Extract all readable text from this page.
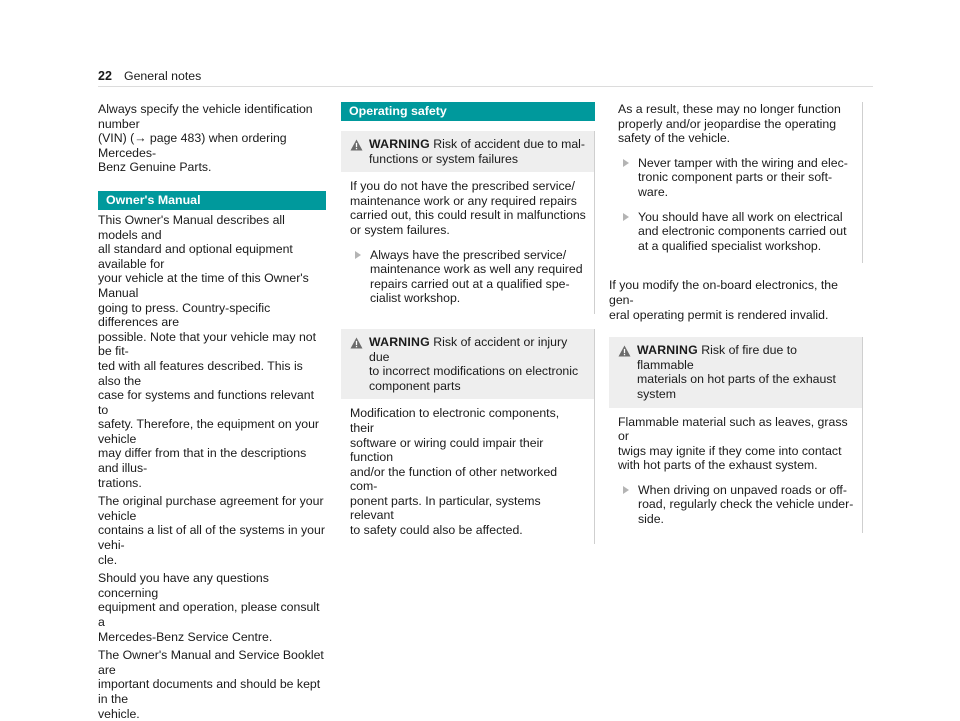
22 General notes
Always specify the vehicle identification number
(VIN) (→ page 483) when ordering Mercedes-
Benz Genuine Parts.
Owner's Manual
This Owner's Manual describes all models and
all standard and optional equipment available for
your vehicle at the time of this Owner's Manual
going to press. Country-specific differences are
possible. Note that your vehicle may not be fit-
ted with all features described. This is also the
case for systems and functions relevant to
safety. Therefore, the equipment on your vehicle
may differ from that in the descriptions and illus-
trations.
The original purchase agreement for your vehicle
contains a list of all of the systems in your vehi-
cle.
Should you have any questions concerning
equipment and operation, please consult a
Mercedes-Benz Service Centre.
The Owner's Manual and Service Booklet are
important documents and should be kept in the
vehicle.
Operating safety
WARNING Risk of accident due to mal-
functions or system failures
If you do not have the prescribed service/
maintenance work or any required repairs
carried out, this could result in malfunctions
or system failures.
Always have the prescribed service/
maintenance work as well any required
repairs carried out at a qualified spe-
cialist workshop.
WARNING Risk of accident or injury due
to incorrect modifications on electronic
component parts
Modification to electronic components, their
software or wiring could impair their function
and/or the function of other networked com-
ponent parts. In particular, systems relevant
to safety could also be affected.
As a result, these may no longer function
properly and/or jeopardise the operating
safety of the vehicle.
Never tamper with the wiring and elec-
tronic component parts or their soft-
ware.
You should have all work on electrical
and electronic components carried out
at a qualified specialist workshop.
If you modify the on-board electronics, the gen-
eral operating permit is rendered invalid.
WARNING Risk of fire due to flammable
materials on hot parts of the exhaust
system
Flammable material such as leaves, grass or
twigs may ignite if they come into contact
with hot parts of the exhaust system.
When driving on unpaved roads or off-
road, regularly check the vehicle under-
side.
